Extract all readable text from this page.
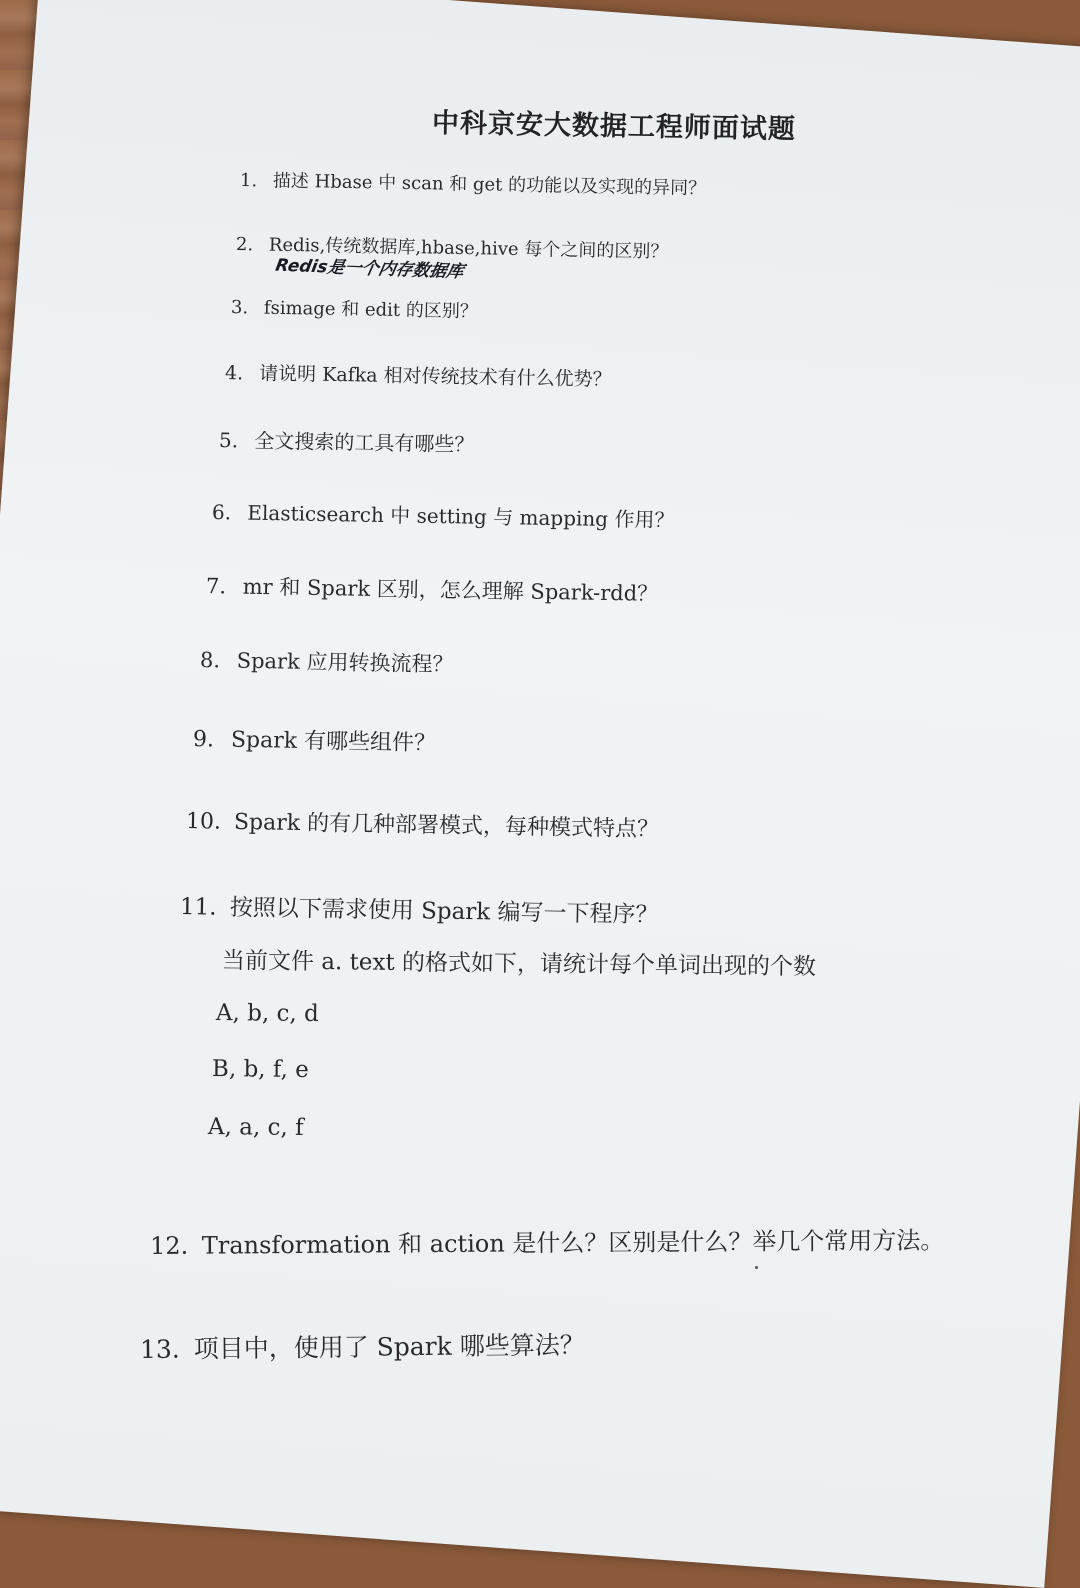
中科京安大数据工程师面试题
1. 描述 Hbase 中 scan 和 get 的功能以及实现的异同？
2. Redis,传统数据库,hbase,hive 每个之间的区别？
Redis是一个内存数据库
3. fsimage 和 edit 的区别？
4. 请说明 Kafka 相对传统技术有什么优势？
5. 全文搜索的工具有哪些？
6. Elasticsearch 中 setting 与 mapping 作用？
7. mr 和 Spark 区别，怎么理解 Spark-rdd？
8. Spark 应用转换流程？
9. Spark 有哪些组件？
10. Spark 的有几种部署模式，每种模式特点？
11. 按照以下需求使用 Spark 编写一下程序？
当前文件 a. text 的格式如下，请统计每个单词出现的个数
A, b, c, d
B, b, f, e
A, a, c, f
12. Transformation 和 action 是什么？区别是什么？举几个常用方法。
13. 项目中，使用了 Spark 哪些算法？
